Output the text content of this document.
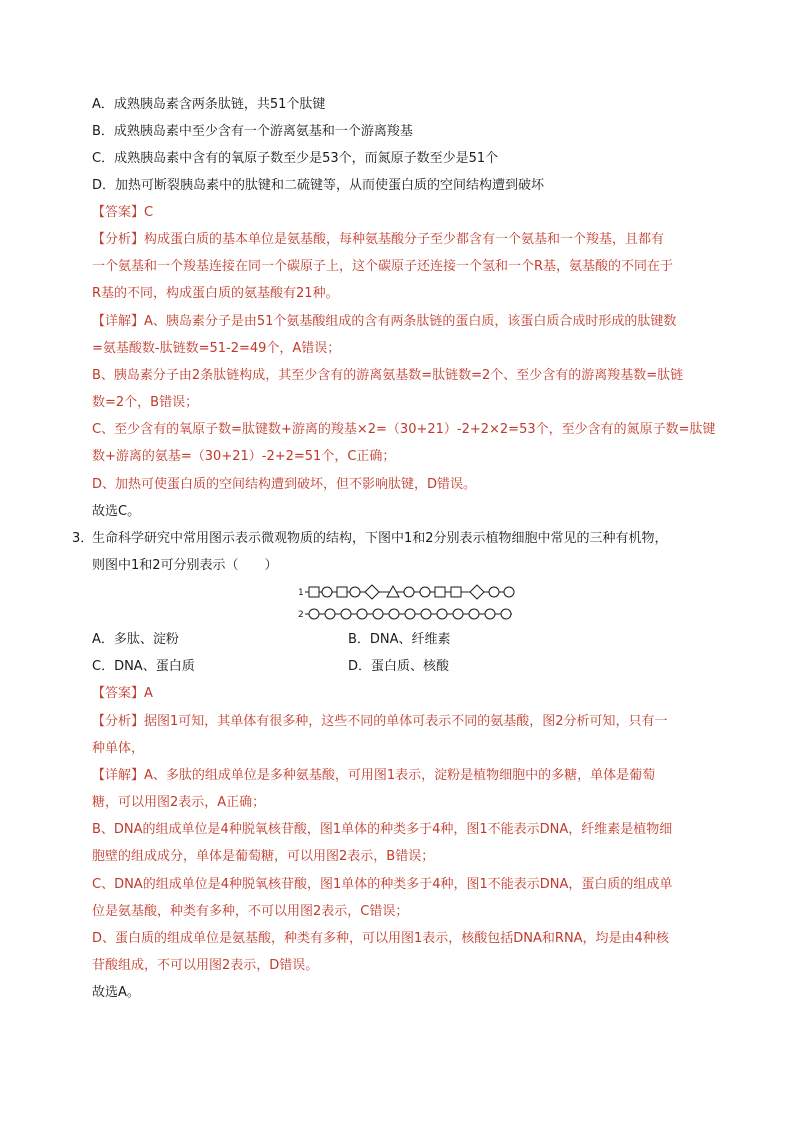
A．成熟胰岛素含两条肽链，共51个肽键
B．成熟胰岛素中至少含有一个游离氨基和一个游离羧基
C．成熟胰岛素中含有的氧原子数至少是53个，而氮原子数至少是51个
D．加热可断裂胰岛素中的肽键和二硫键等，从而使蛋白质的空间结构遭到破坏
【答案】C
【分析】构成蛋白质的基本单位是氨基酸，每种氨基酸分子至少都含有一个氨基和一个羧基，且都有
一个氨基和一个羧基连接在同一个碳原子上，这个碳原子还连接一个氢和一个R基，氨基酸的不同在于
R基的不同，构成蛋白质的氨基酸有21种。
【详解】A、胰岛素分子是由51个氨基酸组成的含有两条肽链的蛋白质，该蛋白质合成时形成的肽键数
=氨基酸数-肽链数=51-2=49个，A错误；
B、胰岛素分子由2条肽链构成，其至少含有的游离氨基数=肽链数=2个、至少含有的游离羧基数=肽链
数=2个，B错误；
C、至少含有的氧原子数=肽键数+游离的羧基×2=（30+21）-2+2×2=53个，至少含有的氮原子数=肽键
数+游离的氨基=（30+21）-2+2=51个，C正确；
D、加热可使蛋白质的空间结构遭到破坏，但不影响肽键，D错误。
故选C。
3．
生命科学研究中常用图示表示微观物质的结构，下图中1和2分别表示植物细胞中常见的三种有机物，
则图中1和2可分别表示（　　）
1
2
A．多肽、淀粉	B．DNA、纤维素
C．DNA、蛋白质	D．蛋白质、核酸
【答案】A
【分析】据图1可知，其单体有很多种，这些不同的单体可表示不同的氨基酸，图2分析可知，只有一
种单体，
【详解】A、多肽的组成单位是多种氨基酸，可用图1表示，淀粉是植物细胞中的多糖，单体是葡萄
糖，可以用图2表示，A正确；
B、DNA的组成单位是4种脱氧核苷酸，图1单体的种类多于4种，图1不能表示DNA，纤维素是植物细
胞壁的组成成分，单体是葡萄糖，可以用图2表示，B错误；
C、DNA的组成单位是4种脱氧核苷酸，图1单体的种类多于4种，图1不能表示DNA，蛋白质的组成单
位是氨基酸，种类有多种，不可以用图2表示，C错误；
D、蛋白质的组成单位是氨基酸，种类有多种，可以用图1表示，核酸包括DNA和RNA，均是由4种核
苷酸组成，不可以用图2表示，D错误。
故选A。
